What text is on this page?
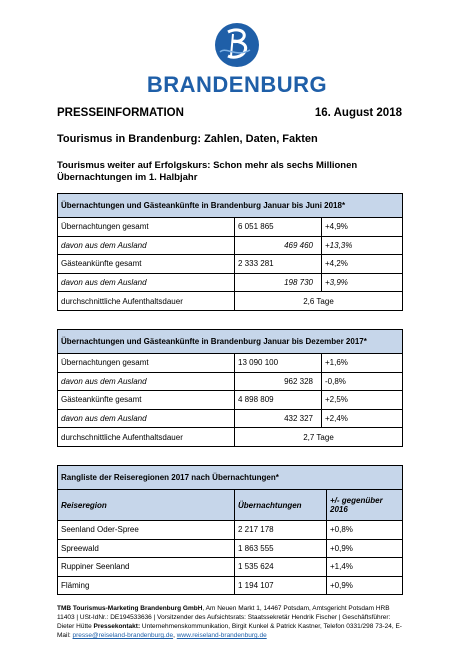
BRANDENBURG
PRESSEINFORMATION	16. August 2018
Tourismus in Brandenburg: Zahlen, Daten, Fakten
Tourismus weiter auf Erfolgskurs: Schon mehr als sechs Millionen Übernachtungen im 1. Halbjahr
Übernachtungen und Gästeankünfte in Brandenburg Januar bis Juni 2018*		
Übernachtungen gesamt	6 051 865	+4,9%
davon aus dem Ausland	469 460	+13,3%
Gästeankünfte gesamt	2 333 281	+4,2%
davon aus dem Ausland	198 730	+3,9%
durchschnittliche Aufenthaltsdauer	2,6 Tage	
Übernachtungen und Gästeankünfte in Brandenburg Januar bis Dezember 2017*		
Übernachtungen gesamt	13 090 100	+1,6%
davon aus dem Ausland	962 328	-0,8%
Gästeankünfte gesamt	4 898 809	+2,5%
davon aus dem Ausland	432 327	+2,4%
durchschnittliche Aufenthaltsdauer	2,7 Tage	
Rangliste der Reiseregionen 2017 nach Übernachtungen*		
Reiseregion	Übernachtungen	+/- gegenüber 2016
Seenland Oder-Spree	2 217 178	+0,8%
Spreewald	1 863 555	+0,9%
Ruppiner Seenland	1 535 624	+1,4%
Fläming	1 194 107	+0,9%
TMB Tourismus-Marketing Brandenburg GmbH, Am Neuen Markt 1, 14467 Potsdam, Amtsgericht Potsdam HRB 11403 | USt-IdNr.: DE194533636 | Vorsitzender des Aufsichtsrats: Staatssekretär Hendrik Fischer | Geschäftsführer: Dieter Hütte Pressekontakt: Unternehmenskommunikation, Birgit Kunkel & Patrick Kastner, Telefon 0331/298 73-24, E-Mail: presse@reiseland-brandenburg.de, www.reiseland-brandenburg.de
